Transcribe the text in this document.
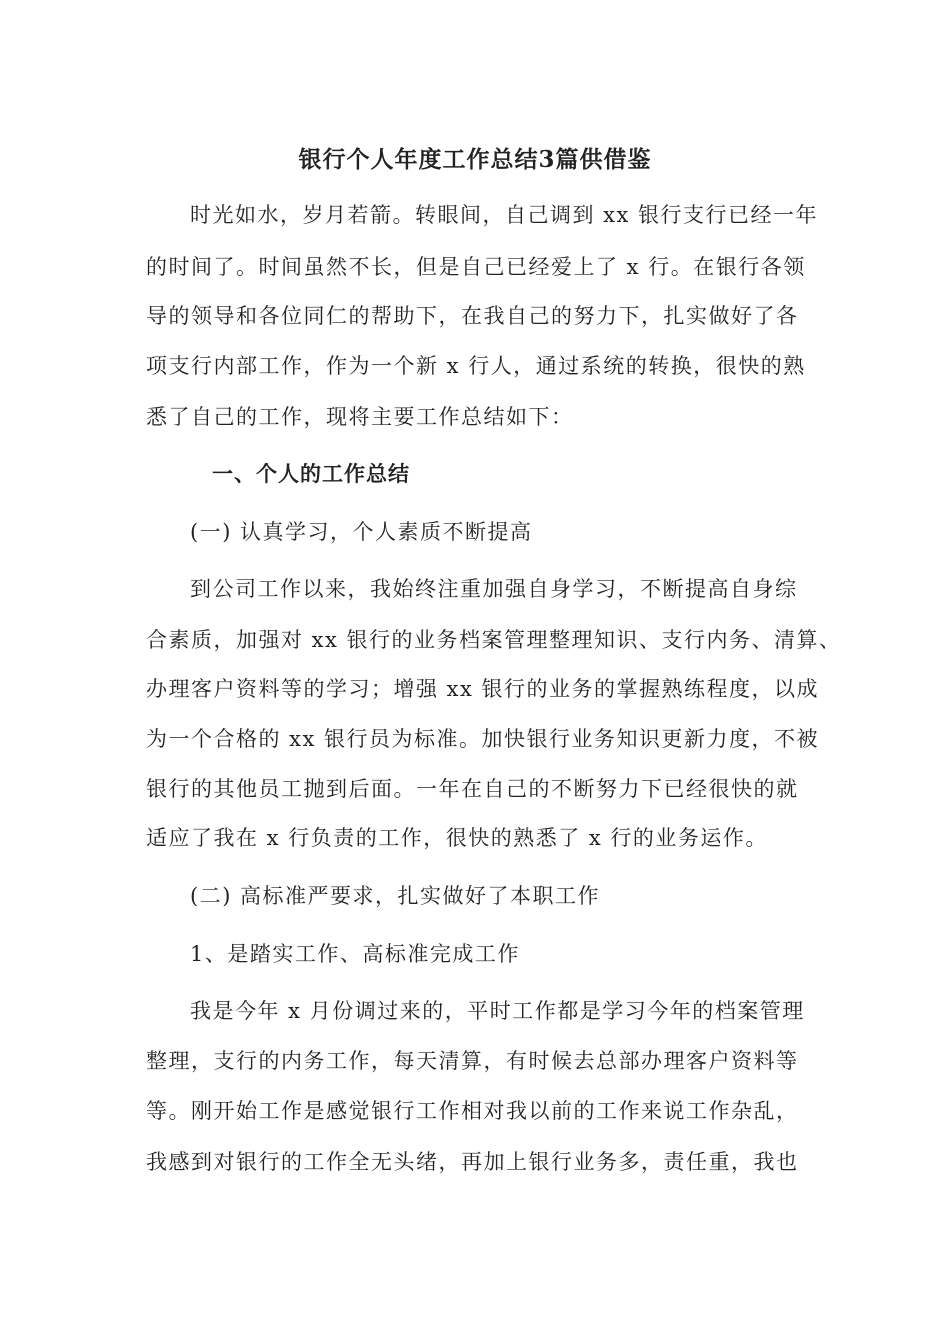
银行个人年度工作总结3篇供借鉴
时光如水，岁月若箭。转眼间，自己调到 xx 银行支行已经一年
的时间了。时间虽然不长，但是自己已经爱上了 x 行。在银行各领
导的领导和各位同仁的帮助下，在我自己的努力下，扎实做好了各
项支行内部工作，作为一个新 x 行人，通过系统的转换，很快的熟
悉了自己的工作，现将主要工作总结如下：
一、个人的工作总结
(一) 认真学习，个人素质不断提高
到公司工作以来，我始终注重加强自身学习，不断提高自身综
合素质，加强对 xx 银行的业务档案管理整理知识、支行内务、清算、
办理客户资料等的学习；增强 xx 银行的业务的掌握熟练程度，以成
为一个合格的 xx 银行员为标准。加快银行业务知识更新力度，不被
银行的其他员工抛到后面。一年在自己的不断努力下已经很快的就
适应了我在 x 行负责的工作，很快的熟悉了 x 行的业务运作。
(二) 高标准严要求，扎实做好了本职工作
1、是踏实工作、高标准完成工作
我是今年 x 月份调过来的，平时工作都是学习今年的档案管理
整理，支行的内务工作，每天清算，有时候去总部办理客户资料等
等。刚开始工作是感觉银行工作相对我以前的工作来说工作杂乱，
我感到对银行的工作全无头绪，再加上银行业务多，责任重，我也
